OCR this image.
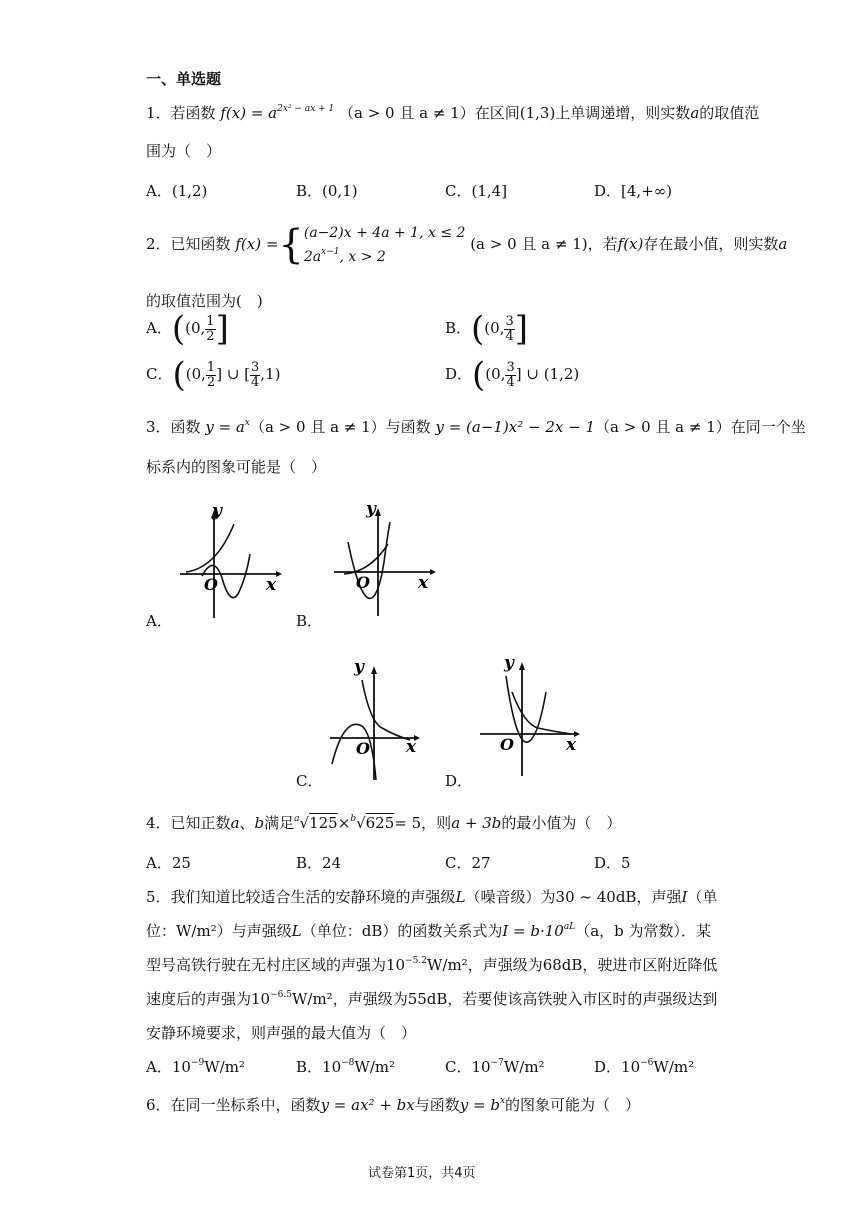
一、单选题
1．若函数 $f(x) = a^{2x^2 - ax + 1}$ （a > 0 且 a ≠ 1）在区间(1,3)上单调递增，则实数a的取值范
围为（　）
A．(1,2)	B．(0,1)	C．(1,4]	D．[4,+∞)
2．已知函数 f(x) ={ (a−2)x + 4a + 1, x ≤ 2
$2a^{x-1}$, x > 2
(a > 0 且 a ≠ 1)，若f(x)存在最小值，则实数a
的取值范围为(　)
A．((0, $\frac{1}{2}$ ]	B．((0, $\frac{3}{4}$ ]
C．((0, $\frac{1}{2}$ ] ∪ [ $\frac{3}{4} ,1$)	D．((0, $\frac{3}{4}$ ] ∪ (1,2)
3．函数 $y = a^x(a > 0$ 且 a ≠ 1）与函数 y = (a−1)x² − 2x − 1（a > 0 且 a ≠ 1）在同一个坐
标系内的图象可能是（　）
y
x
O
A．
y
x
O
B．
y
x
O
C．
y
x
O
D．
4．已知正数a、b满足$^a$√125×$^b$√625= 5，则a + 3b的最小值为（　）
A．25	B．24	C．27	D．5
5．我们知道比较适合生活的安静环境的声强级L（噪音级）为30 ~ 40dB，声强I（单
位：W/m²）与声强级L（单位：dB）的函数关系式为$I = b\cdot 10^{aL}(a$，b 为常数）．某
型号高铁行驶在无村庄区域的声强为$10^{-5.2}W/m^2$，声强级为68dB，驶进市区附近降低
速度后的声强为$10^{-6.5}W/m^2$，声强级为55dB，若要使该高铁驶入市区时的声强级达到
安静环境要求，则声强的最大值为（　）
A．$10^{-9}W/m^2$	B．$10^{-8}W/m^2$	C．$10^{-7}W/m^2$	D．$10^{-6}W/m^2$
6．在同一坐标系中，函数y = ax² + bx与函数$y = b^x$的图象可能为（　）
试卷第1页，共4页
